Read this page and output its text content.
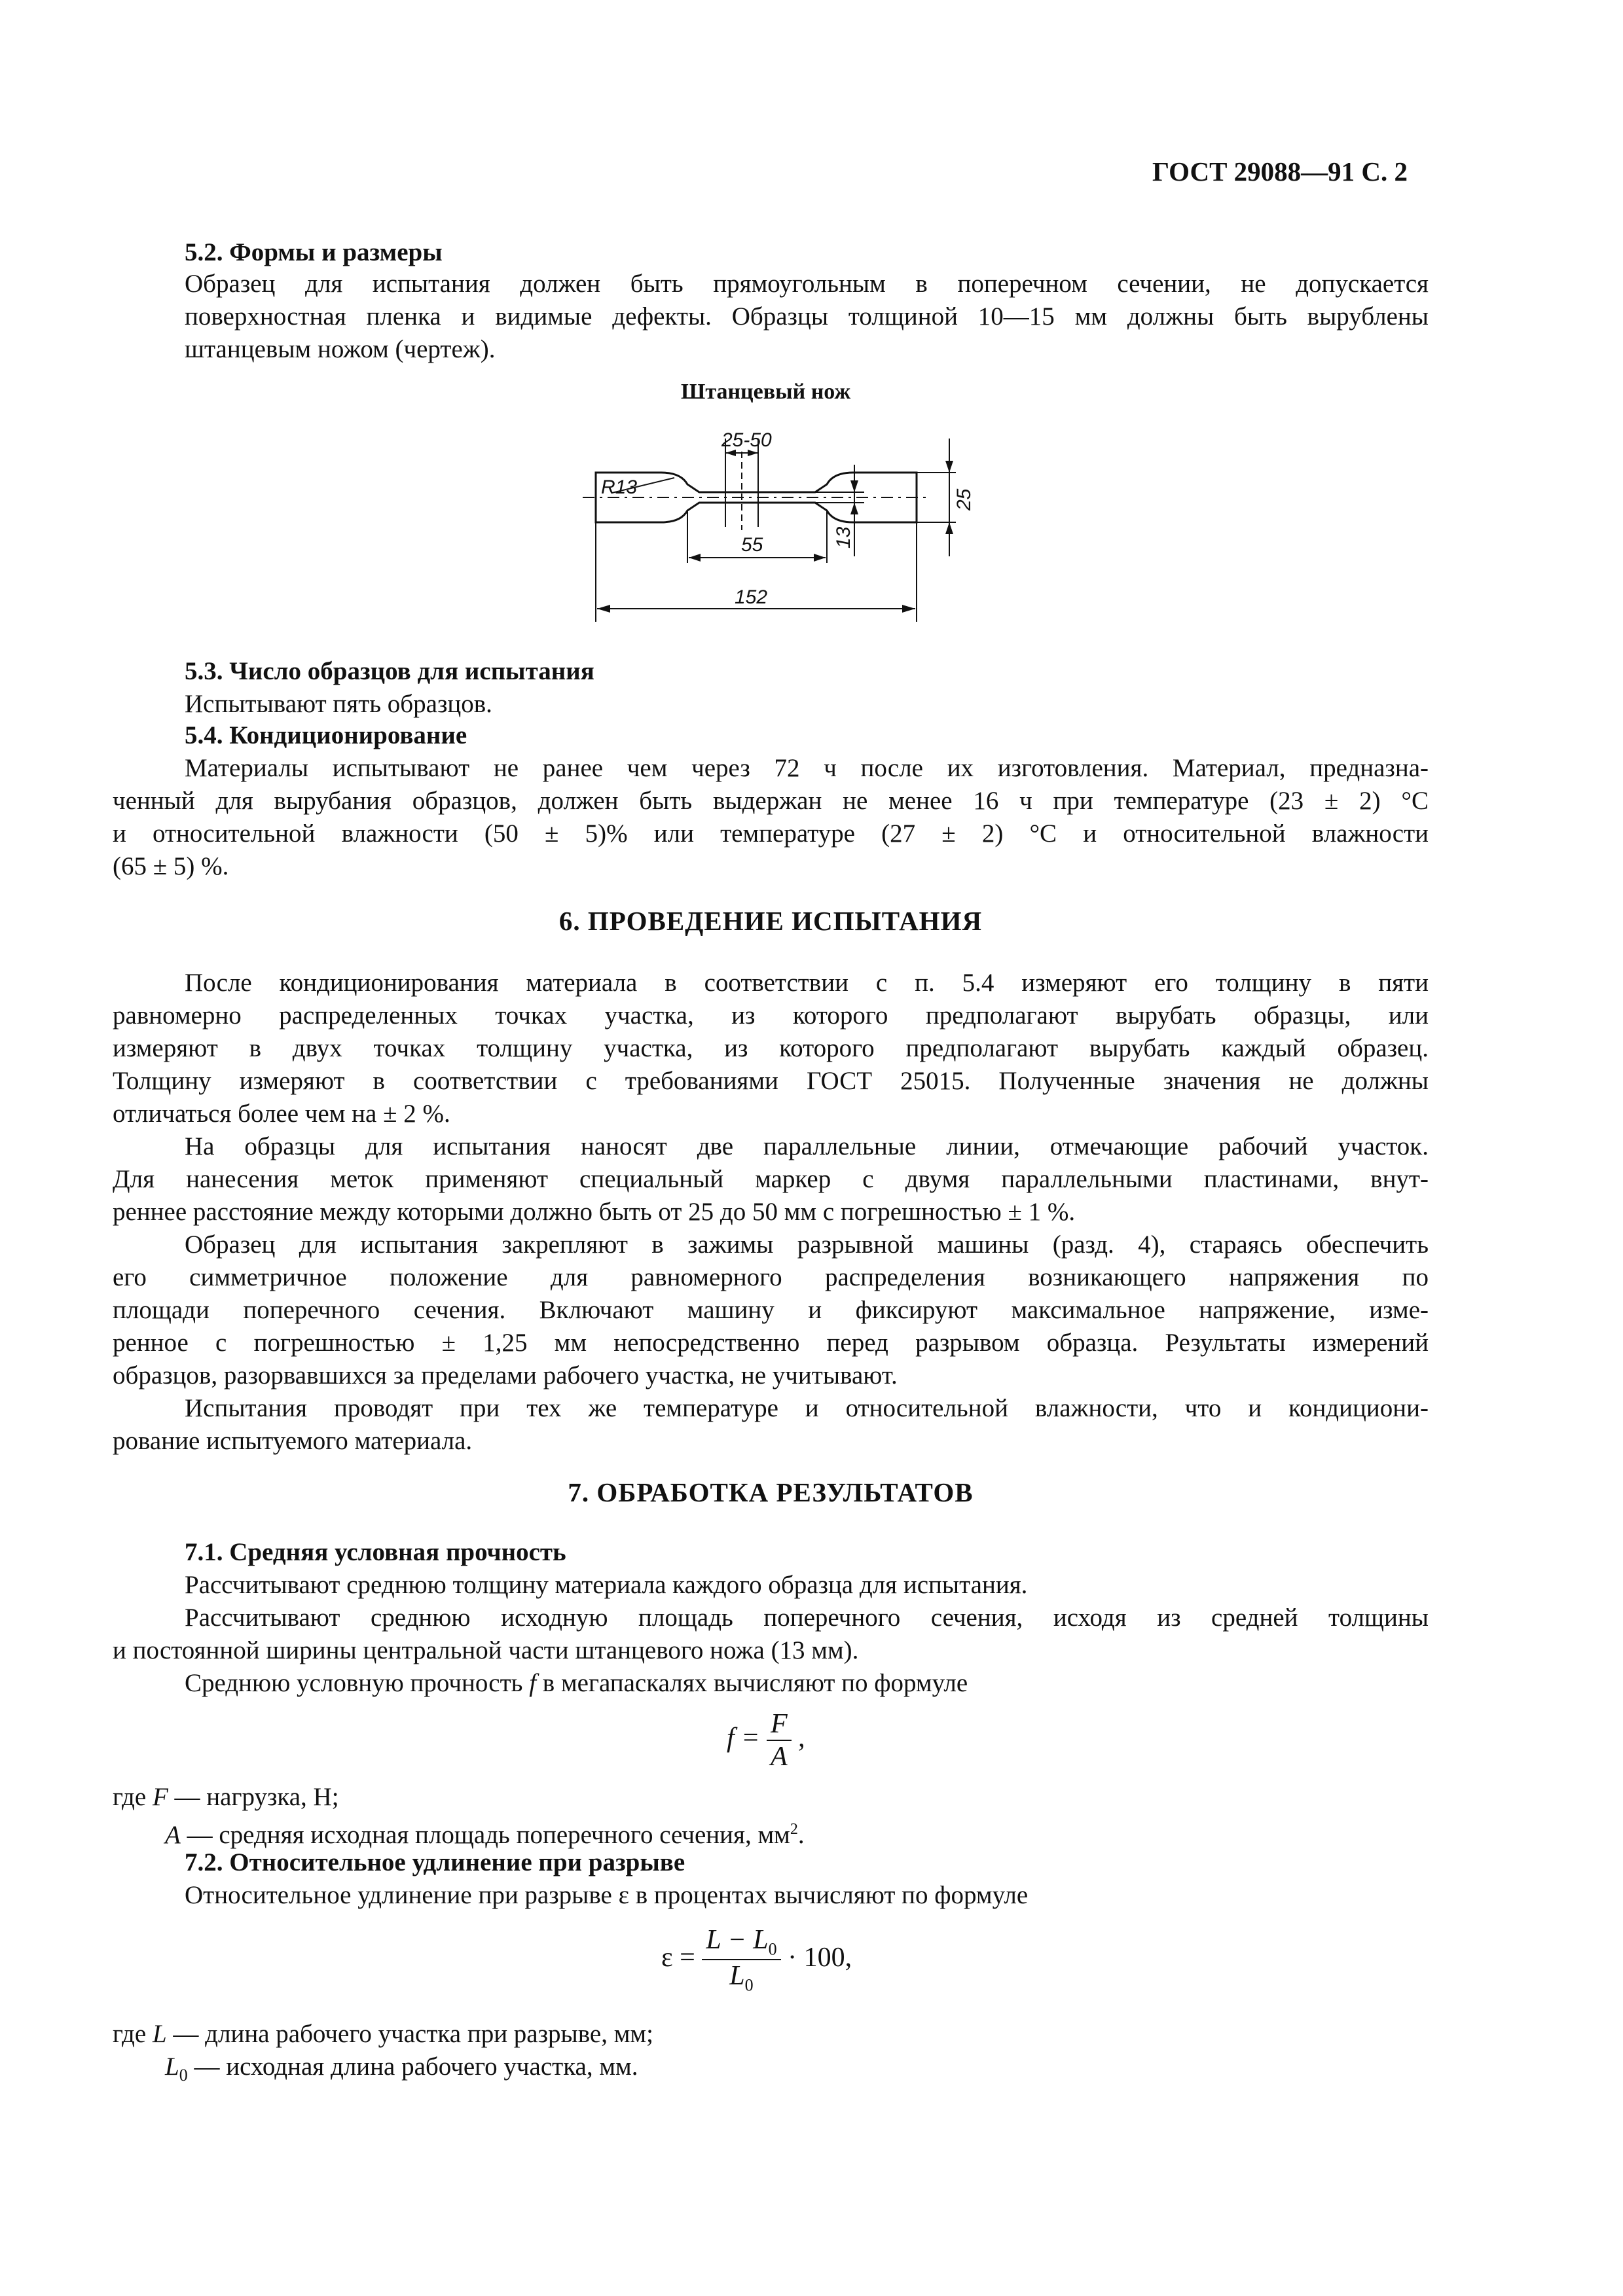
ГОСТ 29088—91 С. 2
5.2. Формы и размеры
Образец для испытания должен быть прямоугольным в поперечном сечении, не допускается
поверхностная пленка и видимые дефекты. Образцы толщиной 10—15 мм должны быть вырублены
штанцевым ножом (чертеж).
Штанцевый нож
25-50
R13
55
152
25
13
5.3. Число образцов для испытания
Испытывают пять образцов.
5.4. Кондиционирование
Материалы испытывают не ранее чем через 72 ч после их изготовления. Материал, предназна-
ченный для вырубания образцов, должен быть выдержан не менее 16 ч при температуре (23 ± 2) °С
и относительной влажности (50 ± 5)% или температуре (27 ± 2) °С и относительной влажности
(65 ± 5) %.
6. ПРОВЕДЕНИЕ ИСПЫТАНИЯ
После кондиционирования материала в соответствии с п. 5.4 измеряют его толщину в пяти
равномерно распределенных точках участка, из которого предполагают вырубать образцы, или
измеряют в двух точках толщину участка, из которого предполагают вырубать каждый образец.
Толщину измеряют в соответствии с требованиями ГОСТ 25015. Полученные значения не должны
отличаться более чем на ± 2 %.
На образцы для испытания наносят две параллельные линии, отмечающие рабочий участок.
Для нанесения меток применяют специальный маркер с двумя параллельными пластинами, внут-
реннее расстояние между которыми должно быть от 25 до 50 мм с погрешностью ± 1 %.
Образец для испытания закрепляют в зажимы разрывной машины (разд. 4), стараясь обеспечить
его симметричное положение для равномерного распределения возникающего напряжения по
площади поперечного сечения. Включают машину и фиксируют максимальное напряжение, изме-
ренное с погрешностью ± 1,25 мм непосредственно перед разрывом образца. Результаты измерений
образцов, разорвавшихся за пределами рабочего участка, не учитывают.
Испытания проводят при тех же температуре и относительной влажности, что и кондициони-
рование испытуемого материала.
7. ОБРАБОТКА РЕЗУЛЬТАТОВ
7.1. Средняя условная прочность
Рассчитывают среднюю толщину материала каждого образца для испытания.
Рассчитывают среднюю исходную площадь поперечного сечения, исходя из средней толщины
и постоянной ширины центральной части штанцевого ножа (13 мм).
Среднюю условную прочность f в мегапаскалях вычисляют по формуле
$f = \frac{F}{A}$ ,
где F — нагрузка, Н;
A — средняя исходная площадь поперечного сечения, $мм^2$.
7.2. Относительное удлинение при разрыве
Относительное удлинение при разрыве ε в процентах вычисляют по формуле
$\varepsilon = \frac{L - L_0}{L_0} \cdot 100$,
где L — длина рабочего участка при разрыве, мм;
$L_0$ — исходная длина рабочего участка, мм.
